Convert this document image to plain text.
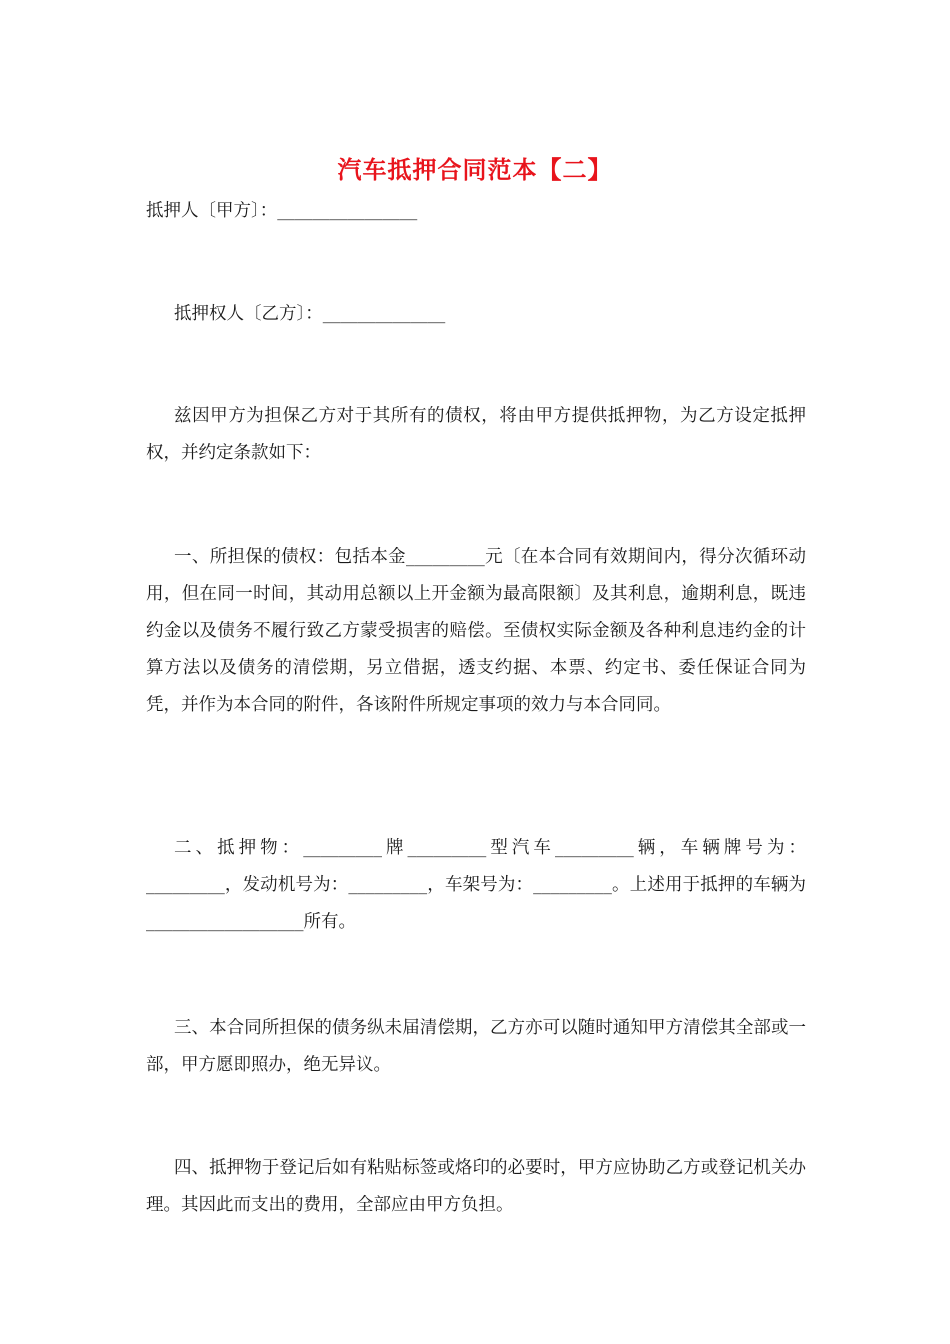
汽车抵押合同范本【二】
抵押人〔甲方〕：________________
抵押权人〔乙方〕：______________
兹因甲方为担保乙方对于其所有的债权，将由甲方提供抵押物，为乙方设定抵押权，并约定条款如下：
一、所担保的债权：包括本金_________元〔在本合同有效期间内，得分次循环动用，但在同一时间，其动用总额以上开金额为最高限额〕及其利息，逾期利息，既违约金以及债务不履行致乙方蒙受损害的赔偿。至债权实际金额及各种利息违约金的计算方法以及债务的清偿期，另立借据，透支约据、本票、约定书、委任保证合同为凭，并作为本合同的附件，各该附件所规定事项的效力与本合同同。
二、抵押物：_________牌_________型汽车_________辆，车辆牌号为：_________，发动机号为：_________，车架号为：_________。上述用于抵押的车辆为__________________所有。
三、本合同所担保的债务纵未届清偿期，乙方亦可以随时通知甲方清偿其全部或一部，甲方愿即照办，绝无异议。
四、抵押物于登记后如有粘贴标签或烙印的必要时，甲方应协助乙方或登记机关办理。其因此而支出的费用，全部应由甲方负担。
